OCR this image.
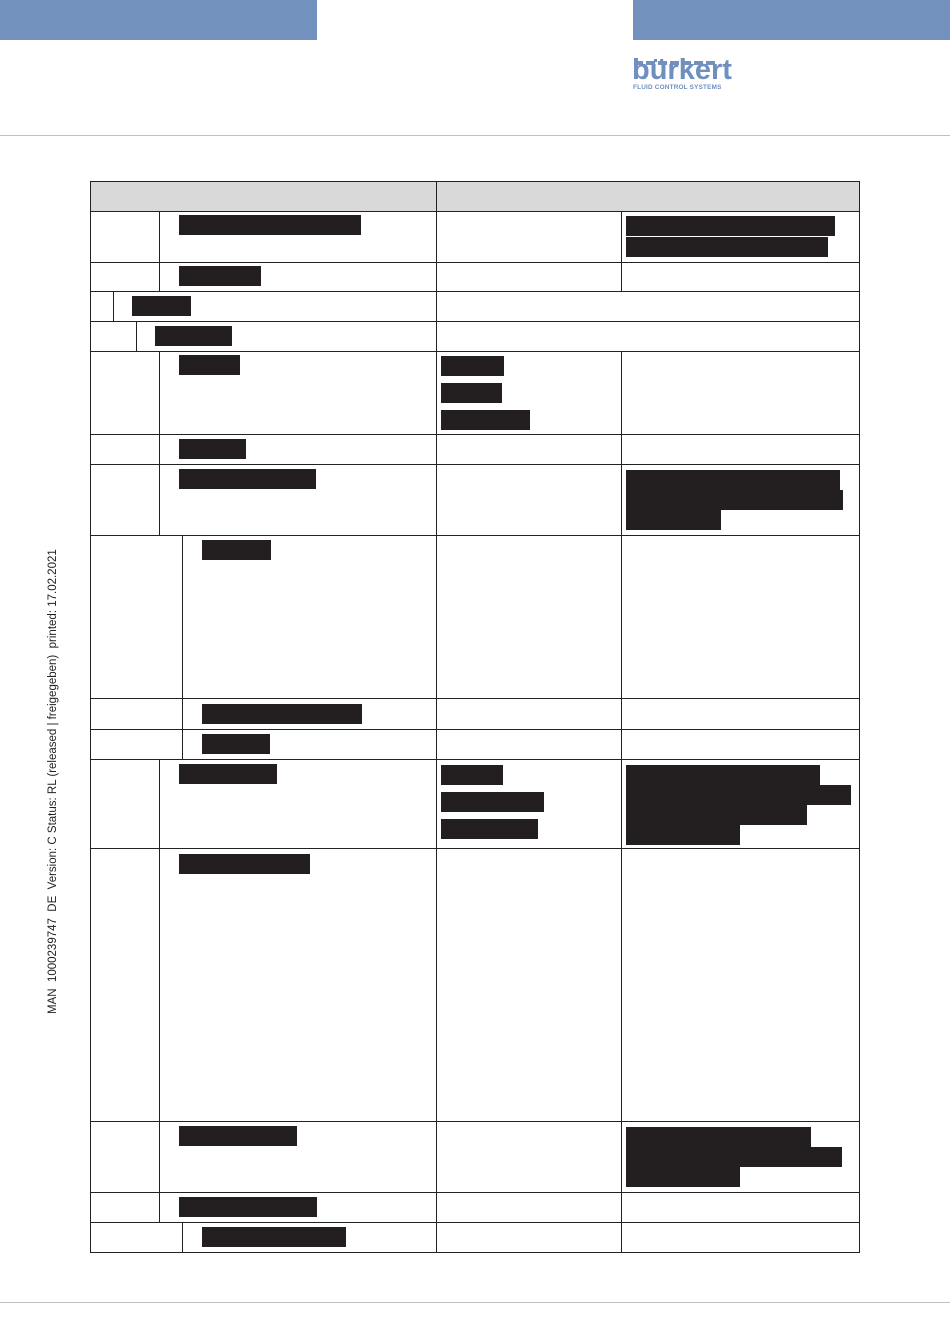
bürkert
FLUID CONTROL SYSTEMS
MAN  1000239747  DE  Version: C Status: RL (released | freigegeben)  printed: 17.02.2021
